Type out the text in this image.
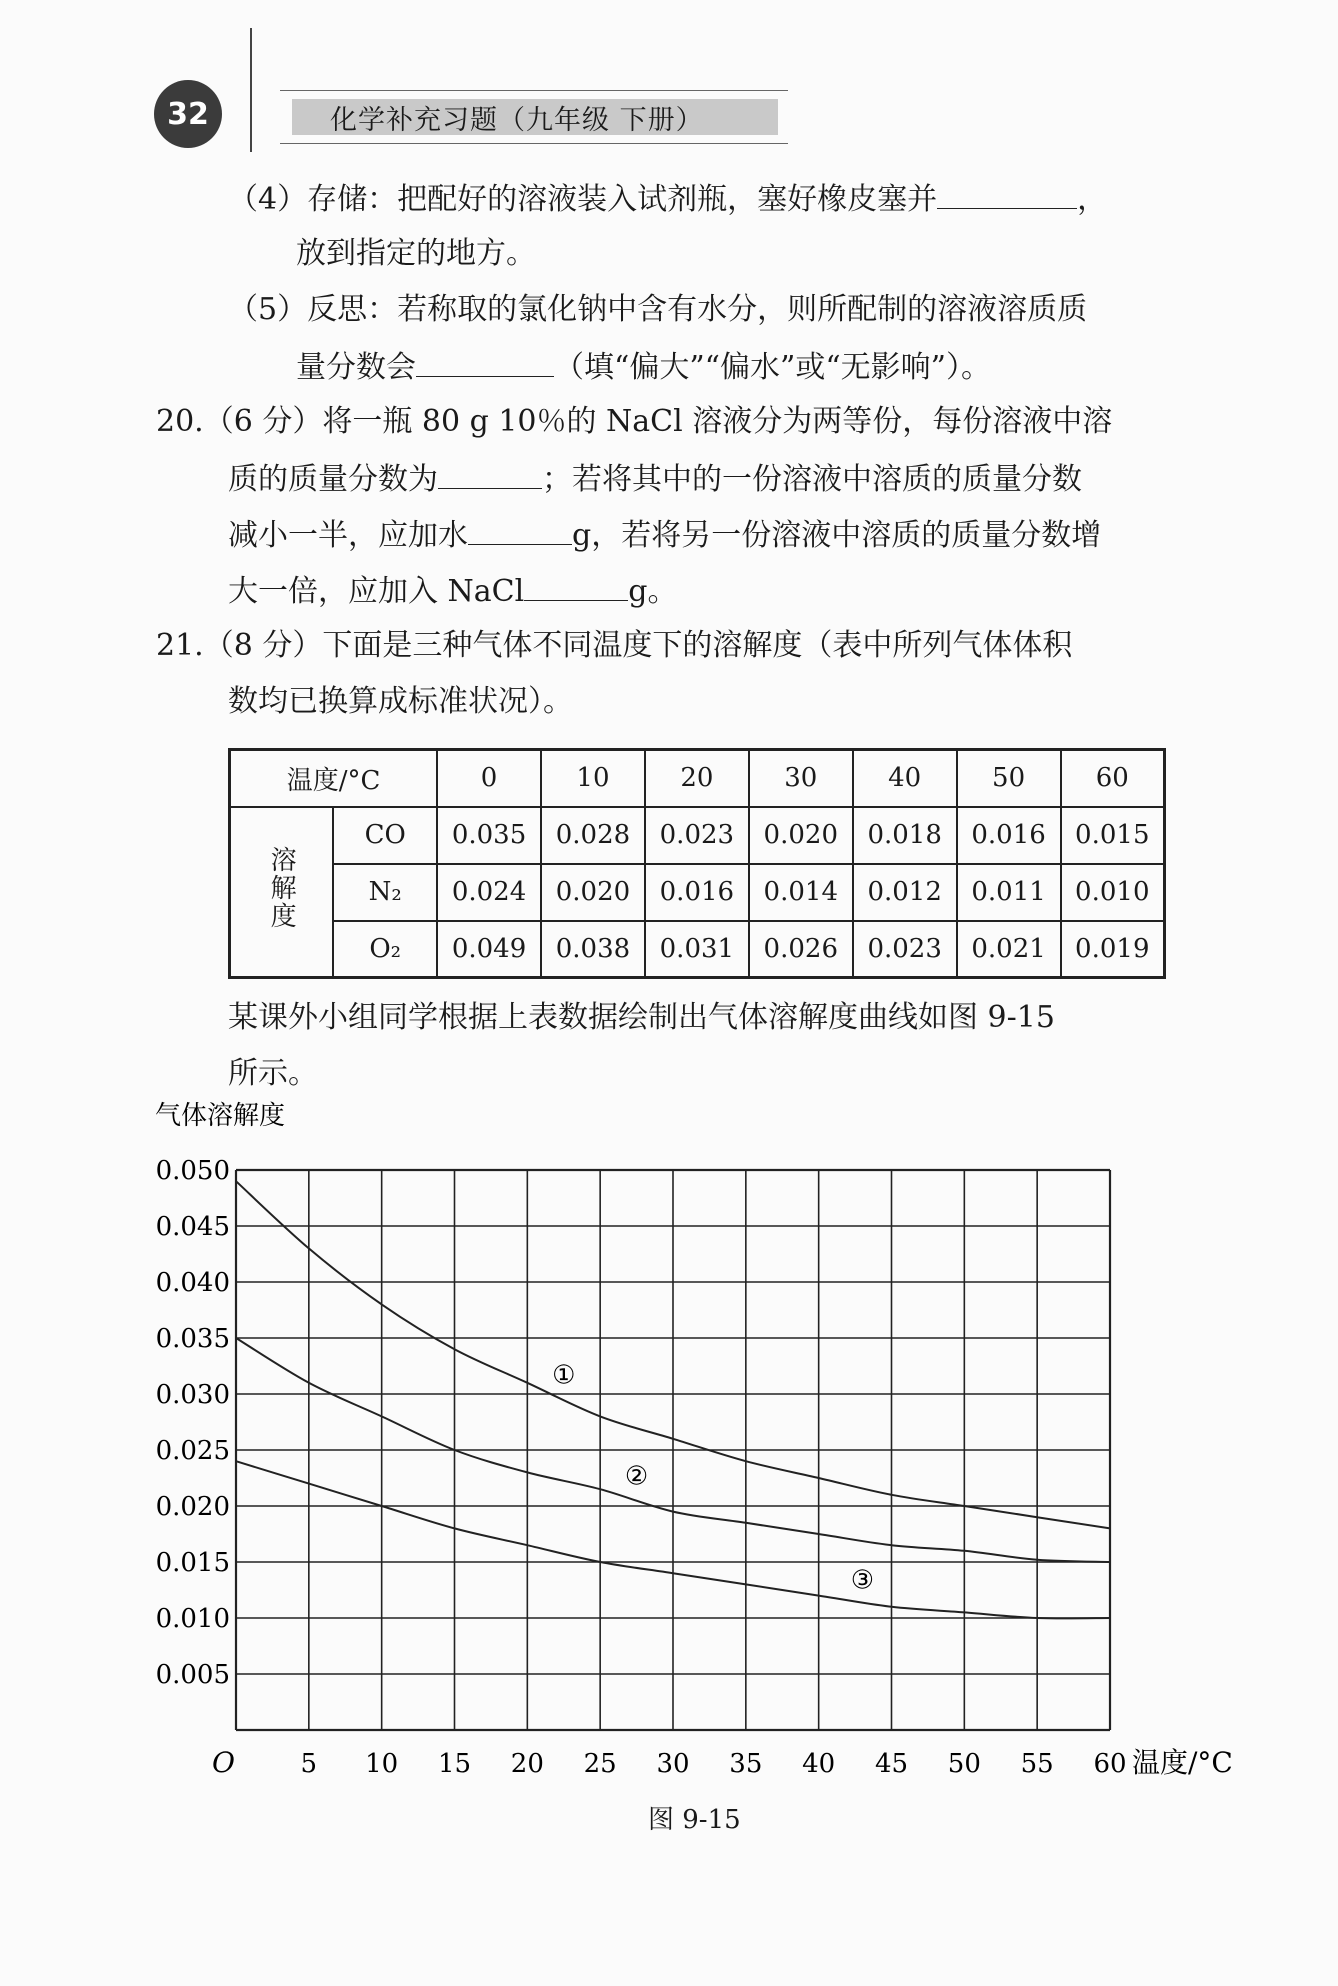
32	化学补充习题（九年级 下册）
（4）存储：把配好的溶液装入试剂瓶，塞好橡皮塞并	，
放到指定的地方。
（5）反思：若称取的氯化钠中含有水分，则所配制的溶液溶质质
量分数会	（填“偏大”“偏水”或“无影响”）。
20.（6 分）将一瓶 80 g 10％的 NaCl 溶液分为两等份，每份溶液中溶
质的质量分数为	；若将其中的一份溶液中溶质的质量分数
减小一半，应加水	g，若将另一份溶液中溶质的质量分数增
大一倍，应加入 NaCl	g。
21.（8 分）下面是三种气体不同温度下的溶解度（表中所列气体体积
数均已换算成标准状况）。
温度/°C		0	10	20	30	40	50	60
溶解度	CO	0.035	0.028	0.023	0.020	0.018	0.016	0.015
	N₂	0.024	0.020	0.016	0.014	0.012	0.011	0.010
	O₂	0.049	0.038	0.031	0.026	0.023	0.021	0.019
某课外小组同学根据上表数据绘制出气体溶解度曲线如图 9-15
所示。
气体溶解度
0.005
0.010
0.015
0.020
0.025
0.030
0.035
0.040
0.045
0.050
5 10 15 20 25 30 35 40 45 50 55 60
①
②
③
O	温度/°C
图 9-15
